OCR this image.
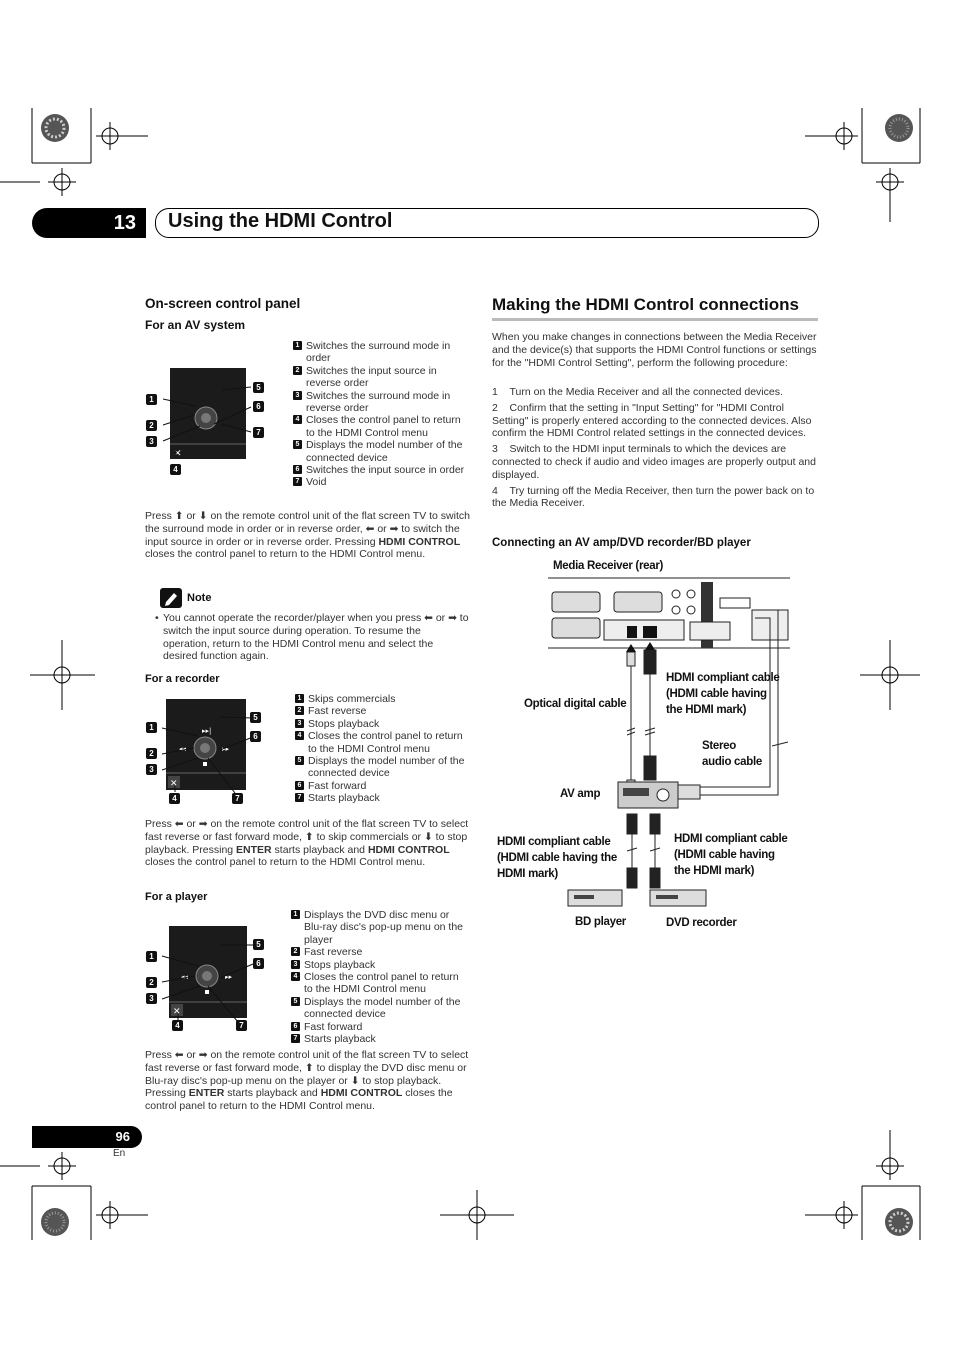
13	Using the HDMI Control
On-screen control panel
For an AV system
✕
1
2
3
4
5
6
7
1 Switches the surround mode in order
2 Switches the input source in reverse order
3 Switches the surround mode in reverse order
4 Closes the control panel to return to the HDMI Control menu
5 Displays the model number of the connected device
6 Switches the input source in order
7 Void
Press ⬆ or ⬇ on the remote control unit of the flat screen TV to switch the surround mode in order or in reverse order, ⬅ or ➡ to switch the input source in order or in reverse order. Pressing HDMI CONTROL closes the control panel to return to the HDMI Control menu.
Note
• You cannot operate the recorder/player when you press ⬅ or ➡ to switch the input source during operation. To resume the operation, return to the HDMI Control menu and select the desired function again.
For a recorder
▸▸|
◂◂	▸▸
✕
1
2
3
4
5
6
7
1 Skips commercials
2 Fast reverse
3 Stops playback
4 Closes the control panel to return to the HDMI Control menu
5 Displays the model number of the connected device
6 Fast forward
7 Starts playback
Press ⬅ or ➡ on the remote control unit of the flat screen TV to select fast reverse or fast forward mode, ⬆ to skip commercials or ⬇ to stop playback. Pressing ENTER starts playback and HDMI CONTROL closes the control panel to return to the HDMI Control menu.
For a player
◂◂	▸▸
✕
1
2
3
4
5
6
7
1 Displays the DVD disc menu or Blu-ray disc's pop-up menu on the player
2 Fast reverse
3 Stops playback
4 Closes the control panel to return to the HDMI Control menu
5 Displays the model number of the connected device
6 Fast forward
7 Starts playback
Press ⬅ or ➡ on the remote control unit of the flat screen TV to select fast reverse or fast forward mode, ⬆ to display the DVD disc menu or Blu-ray disc's pop-up menu on the player or ⬇ to stop playback. Pressing ENTER starts playback and HDMI CONTROL closes the control panel to return to the HDMI Control menu.
Making the HDMI Control connections
When you make changes in connections between the Media Receiver and the device(s) that supports the HDMI Control functions or settings for the "HDMI Control Setting", perform the following procedure:
1 Turn on the Media Receiver and all the connected devices.
2 Confirm that the setting in "Input Setting" for "HDMI Control Setting" is properly entered according to the connected devices. Also confirm the HDMI Control related settings in the connected devices.
3 Switch to the HDMI input terminals to which the devices are connected to check if audio and video images are properly output and displayed.
4 Try turning off the Media Receiver, then turn the power back on to the Media Receiver.
Connecting an AV amp/DVD recorder/BD player
Media Receiver (rear)
Optical digital cable
HDMI compliant cable
(HDMI cable having
the HDMI mark)
Stereo
audio cable
AV amp
HDMI compliant cable
(HDMI cable having the
HDMI mark)
HDMI compliant cable
(HDMI cable having
the HDMI mark)
BD player	DVD recorder
96
En
